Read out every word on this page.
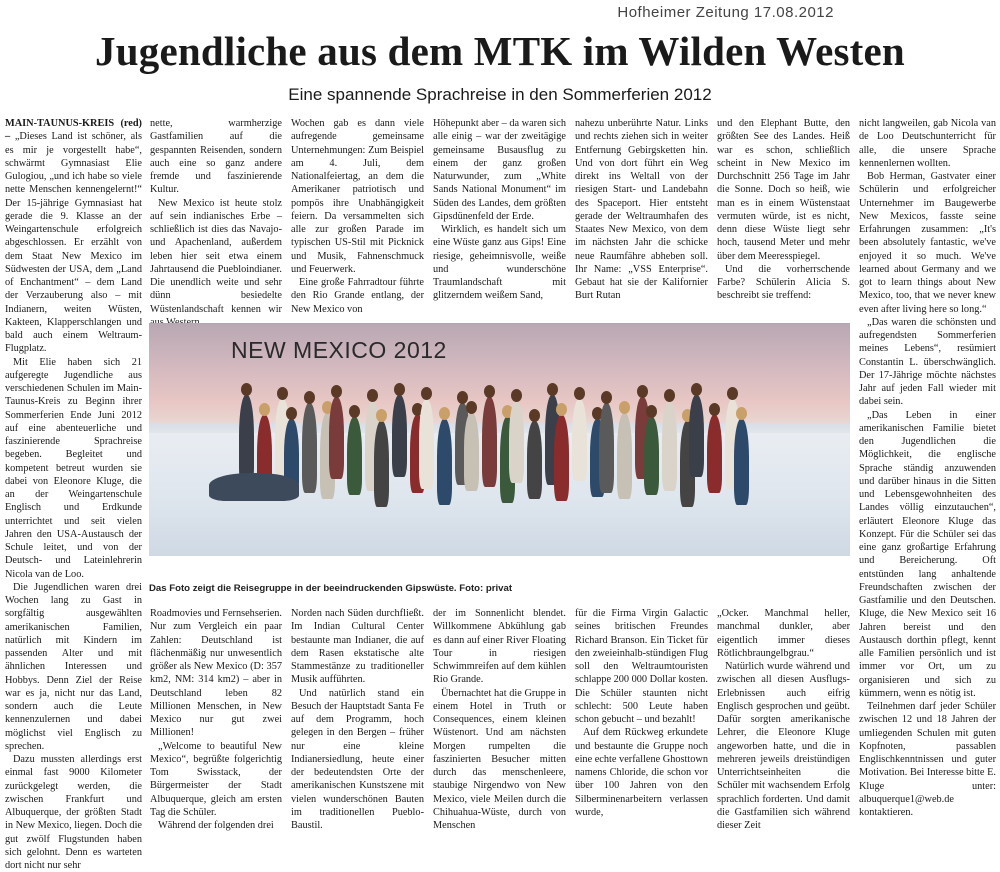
Hofheimer Zeitung 17.08.2012
Jugendliche aus dem MTK im Wilden Westen
Eine spannende Sprachreise in den Sommerferien 2012

MAIN-TAUNUS-KREIS (red) – „Dieses Land ist schöner, als es mir je vorgestellt habe“, schwärmt Gymnasiast Elie Gulogiou, „und ich habe so viele nette Menschen kennengelernt!“ Der 15-jährige Gymnasiast hat gerade die 9. Klasse an der Weingartenschule erfolgreich abgeschlossen. Er erzählt von dem Staat New Mexico im Südwesten der USA, dem „Land of Enchantment“ – dem Land der Verzauberung also – mit Indianern, weiten Wüsten, Kakteen, Klapperschlangen und bald auch einem Weltraum-Flugplatz.

Mit Elie haben sich 21 aufgeregte Jugendliche aus verschiedenen Schulen im Main-Taunus-Kreis zu Beginn ihrer Sommerferien Ende Juni 2012 auf eine abenteuerliche und faszinierende Sprachreise begeben. Begleitet und kompetent betreut wurden sie dabei von Eleonore Kluge, die an der Weingartenschule Englisch und Erdkunde unterrichtet und seit vielen Jahren den USA-Austausch der Schule leitet, und von der Deutsch- und Lateinlehrerin Nicola van de Loo.

Die Jugendlichen waren drei Wochen lang zu Gast in sorgfältig ausgewählten amerikanischen Familien, natürlich mit Kindern im passenden Alter und mit ähnlichen Interessen und Hobbys. Denn Ziel der Reise war es ja, nicht nur das Land, sondern auch die Leute kennenzulernen und dabei möglichst viel Englisch zu sprechen.

Dazu mussten allerdings erst einmal fast 9000 Kilometer zurückgelegt werden, die zwischen Frankfurt und Albuquerque, der größten Stadt in New Mexico, liegen. Doch die gut zwölf Flugstunden haben sich gelohnt. Denn es warteten dort nicht nur sehr

nette, warmherzige Gastfamilien auf die gespannten Reisenden, sondern auch eine so ganz andere fremde und faszinierende Kultur.

New Mexico ist heute stolz auf sein indianisches Erbe – schließlich ist dies das Navajo- und Apachenland, außerdem leben hier seit etwa einem Jahrtausend die Puebloindianer. Die unendlich weite und sehr dünn besiedelte Wüstenlandschaft kennen wir

Wochen gab es dann viele aufregende gemeinsame Unternehmungen: Zum Beispiel am 4. Juli, dem Nationalfeiertag, an dem die Amerikaner patriotisch und pompös ihre Unabhängigkeit feiern. Da versammelten sich alle zur großen Parade im typischen US-Stil mit Picknick und Musik, Fahnenschmuck und Feuerwerk.

Eine große Fahrradtour führte den Rio Grande entlang, der New Mexico von

Höhepunkt aber – da waren sich alle einig – war der zweitägige gemeinsame Busausflug zu einem der ganz großen Naturwunder, zum „White Sands National Monument“ im Süden des Landes, dem größten Gipsdünenfeld der Erde.

Wirklich, es handelt sich um eine Wüste ganz aus Gips! Eine riesige, geheimnisvolle, weiße und wunderschöne Traumlandschaft mit glitzerndem weißem Sand,

nahezu unberührte Natur. Links und rechts ziehen sich in weiter Entfernung Gebirgsketten hin. Und von dort führt ein Weg direkt ins Weltall von der riesigen Start- und Landebahn des Spaceport. Hier entsteht gerade der Weltraumhafen des Staates New Mexico, von dem im nächsten Jahr die schicke neue Raumfähre abheben soll. Ihr Name: „VSS Enterprise“. Gebaut hat sie der Kalifornier Burt Rutan

und den Elephant Butte, den größten See des Landes. Heiß war es schon, schließlich scheint in New Mexico im Durchschnitt 256 Tage im Jahr die Sonne. Doch so heiß, wie man es in einem Wüstenstaat vermuten würde, ist es nicht, denn diese Wüste liegt sehr hoch, tausend Meter und mehr über dem Meeresspiegel.

Und die vorherrschende Farbe? Schülerin Alicia S. beschreibt sie treffend:

nicht langweilen, gab Nicola van de Loo Deutschunterricht für alle, die unsere Sprache kennenlernen wollten.

Bob Herman, Gastvater einer Schülerin und erfolgreicher Unternehmer im Baugewerbe New Mexicos, fasste seine Erfahrungen zusammen: „It's been absolutely fantastic, we've enjoyed it so much. We've learned about Germany and we got to learn things about New Mexico, too, that we never knew even after living here so long.“

„Das waren die schönsten und aufregendsten Sommerferien meines Lebens“, resümiert Constantin L. überschwänglich. Der 17-Jährige möchte nächstes Jahr auf jeden Fall wieder mit dabei sein.

„Das Leben in einer amerikanischen Familie bietet den Jugendlichen die Möglichkeit, die englische Sprache ständig anzuwenden und darüber hinaus in die Sitten und Lebensgewohnheiten des Landes völlig einzutauchen“, erläutert Eleonore Kluge das Konzept. Für die Schüler sei das eine ganz großartige Erfahrung und Bereicherung. Oft entstünden lang anhaltende Freundschaften zwischen der Gastfamilie und den Deutschen. Kluge, die New Mexico seit 16 Jahren bereist und den Austausch dorthin pflegt, kennt alle Familien persönlich und ist immer vor Ort, um zu organisieren und sich zu kümmern, wenn es nötig ist.

Teilnehmen darf jeder Schüler zwischen 12 und 18 Jahren der umliegenden Schulen mit guten Kopfnoten, passablen Englischkenntnissen und guter Motivation. Bei Interesse bitte E. Kluge unter: albuquerque1@web.de kontaktieren.

NEW MEXICO 2012
Das Foto zeigt die Reisegruppe in der beeindruckenden Gipswüste. Foto: privat

Roadmovies und Fernsehserien. Nur zum Vergleich ein paar Zahlen: Deutschland ist flächenmäßig nur unwesentlich größer als New Mexico (D: 357 km2, NM: 314 km2) – aber in Deutschland leben 82 Millionen Menschen, in New Mexico nur gut zwei Millionen!

„Welcome to beautiful New Mexico“, begrüßte folgerichtig Tom Swisstack, der Bürgermeister der Stadt Albuquerque, gleich am ersten Tag die Schüler.

Während der folgenden drei

Norden nach Süden durchfließt. Im Indian Cultural Center bestaunte man Indianer, die auf dem Rasen ekstatische alte Stammestänze zu traditioneller Musik aufführten.

Und natürlich stand ein Besuch der Hauptstadt Santa Fe auf dem Programm, hoch gelegen in den Bergen – früher nur eine kleine Indianersiedlung, heute einer der bedeutendsten Orte der amerikanischen Kunstszene mit vielen wunderschönen Bauten im traditionellen Pueblo-Baustil.

der im Sonnenlicht blendet. Willkommene Abkühlung gab es dann auf einer River Floating Tour in riesigen Schwimmreifen auf dem kühlen Rio Grande.

Übernachtet hat die Gruppe in einem Hotel in Truth or Consequences, einem kleinen Wüstenort. Und am nächsten Morgen rumpelten die faszinierten Besucher mitten durch das menschenleere, staubige Nirgendwo von New Mexico, viele Meilen durch die Chihuahua-Wüste, durch von Menschen

für die Firma Virgin Galactic seines britischen Freundes Richard Branson. Ein Ticket für den zweieinhalb-stündigen Flug soll den Weltraumtouristen schlappe 200 000 Dollar kosten. Die Schüler staunten nicht schlecht: 500 Leute haben schon gebucht – und bezahlt!

Auf dem Rückweg erkundete und bestaunte die Gruppe noch eine echte verfallene Ghosttown namens Chloride, die schon vor über 100 Jahren von den Silberminenarbeitern verlassen wurde,

„Ocker. Manchmal heller, manchmal dunkler, aber eigentlich immer dieses Rötlichbraungelbgrau.“

Natürlich wurde während und zwischen all diesen Ausflugs-Erlebnissen auch eifrig Englisch gesprochen und geübt. Dafür sorgten amerikanische Lehrer, die Eleonore Kluge angeworben hatte, und die in mehreren jeweils dreistündigen Unterrichtseinheiten die Schüler mit wachsendem Erfolg sprachlich forderten. Und damit die Gastfamilien sich während dieser Zeit
